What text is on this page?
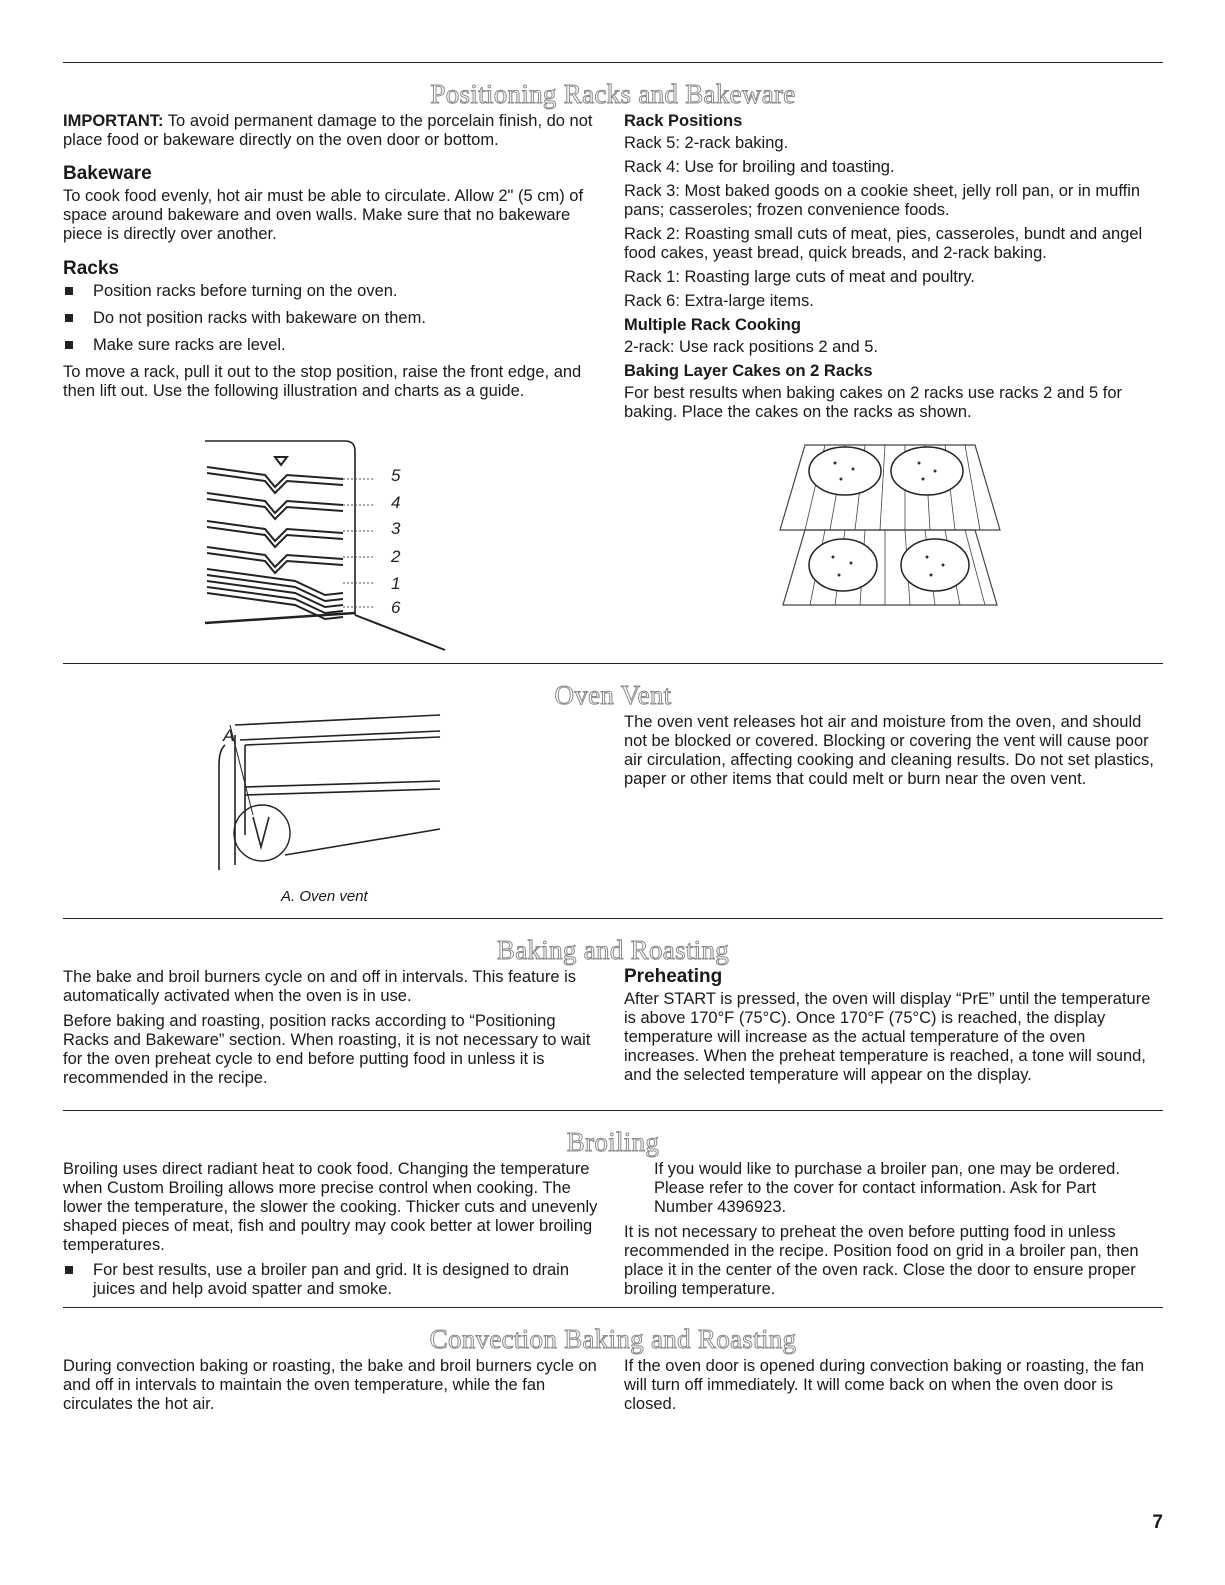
Positioning Racks and Bakeware

IMPORTANT: To avoid permanent damage to the porcelain finish, do not place food or bakeware directly on the oven door or bottom.

Bakeware

To cook food evenly, hot air must be able to circulate. Allow 2" (5 cm) of space around bakeware and oven walls. Make sure that no bakeware piece is directly over another.

Racks
Position racks before turning on the oven.
Do not position racks with bakeware on them.
Make sure racks are level.

To move a rack, pull it out to the stop position, raise the front edge, and then lift out. Use the following illustration and charts as a guide.

Rack Positions

Rack 5: 2-rack baking.

Rack 4: Use for broiling and toasting.

Rack 3: Most baked goods on a cookie sheet, jelly roll pan, or in muffin pans; casseroles; frozen convenience foods.

Rack 2: Roasting small cuts of meat, pies, casseroles, bundt and angel food cakes, yeast bread, quick breads, and 2-rack baking.

Rack 1: Roasting large cuts of meat and poultry.

Rack 6: Extra-large items.

Multiple Rack Cooking

2-rack: Use rack positions 2 and 5.

Baking Layer Cakes on 2 Racks

For best results when baking cakes on 2 racks use racks 2 and 5 for baking. Place the cakes on the racks as shown.

5
4
3
2
1
6
Oven Vent
A
A. Oven vent

The oven vent releases hot air and moisture from the oven, and should not be blocked or covered. Blocking or covering the vent will cause poor air circulation, affecting cooking and cleaning results. Do not set plastics, paper or other items that could melt or burn near the oven vent.

Baking and Roasting

The bake and broil burners cycle on and off in intervals. This feature is automatically activated when the oven is in use.

Before baking and roasting, position racks according to “Positioning Racks and Bakeware” section. When roasting, it is not necessary to wait for the oven preheat cycle to end before putting food in unless it is recommended in the recipe.

Preheating

After START is pressed, the oven will display “PrE” until the temperature is above 170°F (75°C). Once 170°F (75°C) is reached, the display temperature will increase as the actual temperature of the oven increases. When the preheat temperature is reached, a tone will sound, and the selected temperature will appear on the display.

Broiling

Broiling uses direct radiant heat to cook food. Changing the temperature when Custom Broiling allows more precise control when cooking. The lower the temperature, the slower the cooking. Thicker cuts and unevenly shaped pieces of meat, fish and poultry may cook better at lower broiling temperatures.

For best results, use a broiler pan and grid. It is designed to drain juices and help avoid spatter and smoke.

If you would like to purchase a broiler pan, one may be ordered. Please refer to the cover for contact information. Ask for Part Number 4396923.

It is not necessary to preheat the oven before putting food in unless recommended in the recipe. Position food on grid in a broiler pan, then place it in the center of the oven rack. Close the door to ensure proper broiling temperature.

Convection Baking and Roasting

During convection baking or roasting, the bake and broil burners cycle on and off in intervals to maintain the oven temperature, while the fan circulates the hot air.

If the oven door is opened during convection baking or roasting, the fan will turn off immediately. It will come back on when the oven door is closed.

7
